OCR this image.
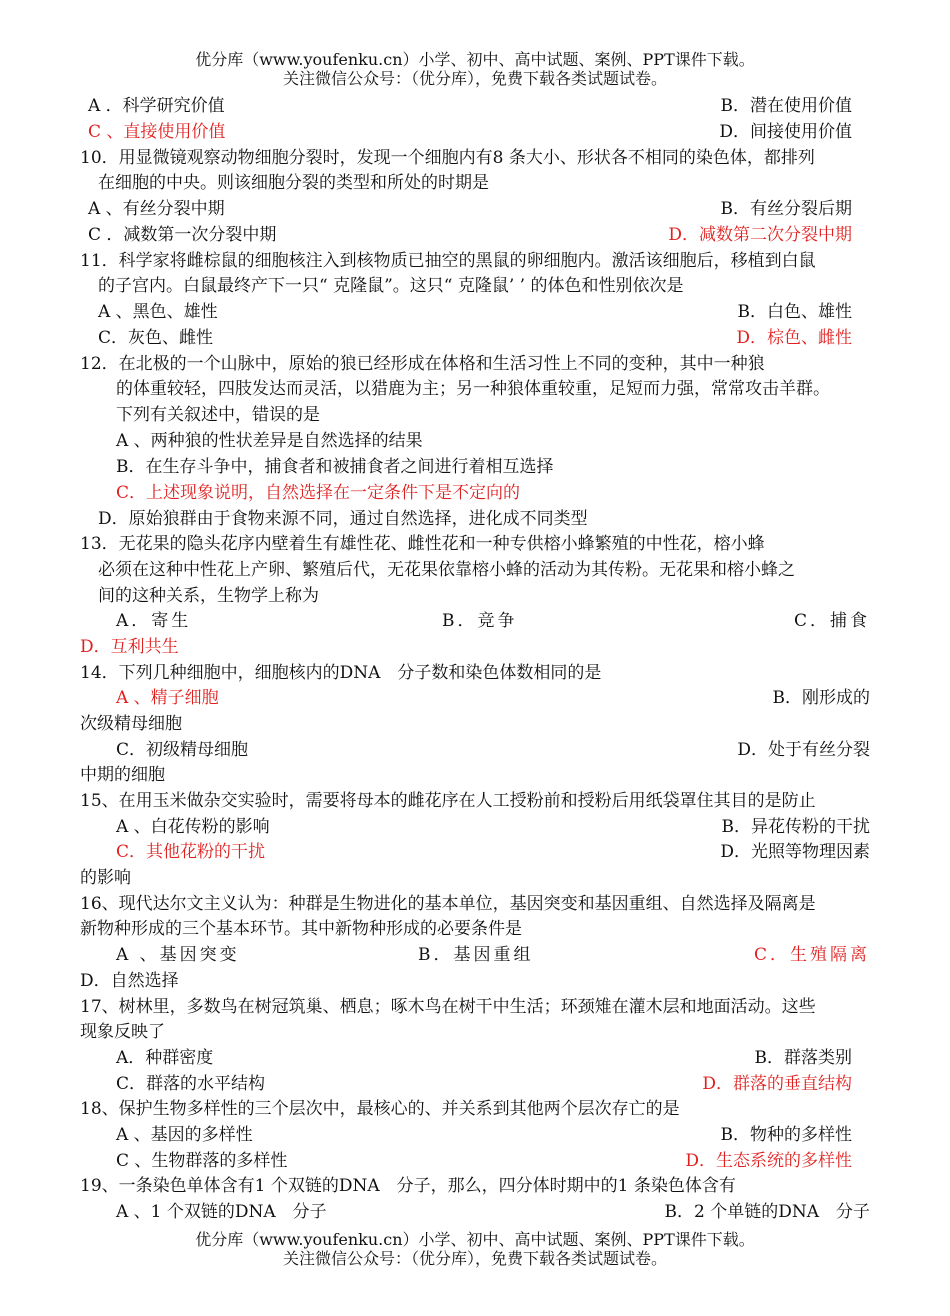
优分库（www.youfenku.cn）小学、初中、高中试题、案例、PPT课件下载。
关注微信公众号：（优分库），免费下载各类试题试卷。
A ．科学研究价值	B．潜在使用价值
C 、直接使用价值	D．间接使用价值
10．用显微镜观察动物细胞分裂时，发现一个细胞内有8 条大小、形状各不相同的染色体，都排列
在细胞的中央。则该细胞分裂的类型和所处的时期是
A 、有丝分裂中期	B．有丝分裂后期
C ．减数第一次分裂中期	D．减数第二次分裂中期
11．科学家将雌棕鼠的细胞核注入到核物质已抽空的黑鼠的卵细胞内。激活该细胞后，移植到白鼠
的子宫内。白鼠最终产下一只“ 克隆鼠”。这只“ 克隆鼠’ ’ 的体色和性别依次是
A 、黑色、雄性	B．白色、雄性
C．灰色、雌性	D．棕色、雌性
12．在北极的一个山脉中，原始的狼已经形成在体格和生活习性上不同的变种，其中一种狼
的体重较轻，四肢发达而灵活，以猎鹿为主；另一种狼体重较重，足短而力强，常常攻击羊群。
下列有关叙述中，错误的是
A 、两种狼的性状差异是自然选择的结果
B．在生存斗争中，捕食者和被捕食者之间进行着相互选择
C．上述现象说明，自然选择在一定条件下是不定向的
D．原始狼群由于食物来源不同，通过自然选择，进化成不同类型
13．无花果的隐头花序内壁着生有雄性花、雌性花和一种专供榕小蜂繁殖的中性花，榕小蜂
必须在这种中性花上产卵、繁殖后代，无花果依靠榕小蜂的活动为其传粉。无花果和榕小蜂之
间的这种关系，生物学上称为
A．寄生	B．竞争	C．捕食
D．互利共生
14．下列几种细胞中，细胞核内的DNA　分子数和染色体数相同的是
A 、精子细胞	B．刚形成的
次级精母细胞
C．初级精母细胞	D．处于有丝分裂
中期的细胞
15、在用玉米做杂交实验时，需要将母本的雌花序在人工授粉前和授粉后用纸袋罩住其目的是防止
A 、白花传粉的影响	B．异花传粉的干扰
C．其他花粉的干扰	D．光照等物理因素
的影响
16、现代达尔文主义认为：种群是生物进化的基本单位，基因突变和基因重组、自然选择及隔离是
新物种形成的三个基本环节。其中新物种形成的必要条件是
A 、基因突变	B．基因重组	C．生殖隔离
D．自然选择
17、树林里，多数鸟在树冠筑巢、栖息；啄木鸟在树干中生活；环颈雉在灌木层和地面活动。这些
现象反映了
A．种群密度	B．群落类别
C．群落的水平结构	D．群落的垂直结构
18、保护生物多样性的三个层次中，最核心的、并关系到其他两个层次存亡的是
A 、基因的多样性	B．物种的多样性
C 、生物群落的多样性	D．生态系统的多样性
19、一条染色单体含有1 个双链的DNA　分子，那么，四分体时期中的1 条染色体含有
A 、1 个双链的DNA　分子	B．2 个单链的DNA　分子
优分库（www.youfenku.cn）小学、初中、高中试题、案例、PPT课件下载。
关注微信公众号：（优分库），免费下载各类试题试卷。
